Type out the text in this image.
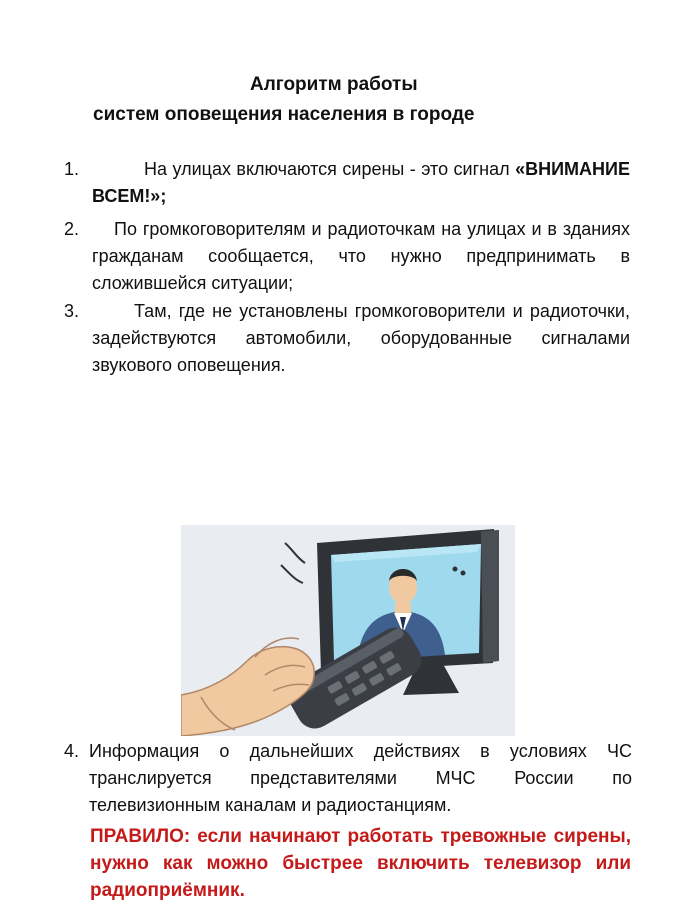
Алгоритм работы
систем оповещения населения в городе
1.	На улицах включаются сирены - это сигнал «ВНИМАНИЕ ВСЕМ!»;
2.	По громкоговорителям и радиоточкам на улицах и в зданиях гражданам сообщается, что нужно предпринимать в сложившейся ситуации;
3.	Там, где не установлены громкоговорители и радиоточки, задействуются автомобили, оборудованные сигналами звукового оповещения.
4. Информация о дальнейших действиях в условиях ЧС транслируется представителями МЧС России по телевизионным каналам и радиостанциям.
ПРАВИЛО: если начинают работать тревожные сирены, нужно как можно быстрее включить телевизор или радиоприёмник.
